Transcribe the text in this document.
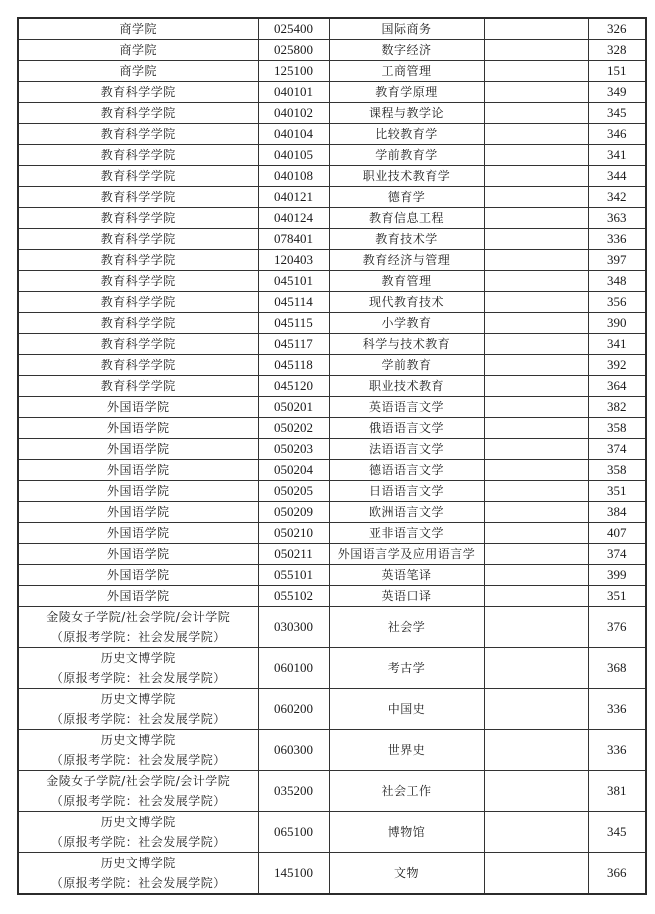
商学院	025400	国际商务		326
商学院	025800	数字经济		328
商学院	125100	工商管理		151
教育科学学院	040101	教育学原理		349
教育科学学院	040102	课程与教学论		345
教育科学学院	040104	比较教育学		346
教育科学学院	040105	学前教育学		341
教育科学学院	040108	职业技术教育学		344
教育科学学院	040121	德育学		342
教育科学学院	040124	教育信息工程		363
教育科学学院	078401	教育技术学		336
教育科学学院	120403	教育经济与管理		397
教育科学学院	045101	教育管理		348
教育科学学院	045114	现代教育技术		356
教育科学学院	045115	小学教育		390
教育科学学院	045117	科学与技术教育		341
教育科学学院	045118	学前教育		392
教育科学学院	045120	职业技术教育		364
外国语学院	050201	英语语言文学		382
外国语学院	050202	俄语语言文学		358
外国语学院	050203	法语语言文学		374
外国语学院	050204	德语语言文学		358
外国语学院	050205	日语语言文学		351
外国语学院	050209	欧洲语言文学		384
外国语学院	050210	亚非语言文学		407
外国语学院	050211	外国语言学及应用语言学		374
外国语学院	055101	英语笔译		399
外国语学院	055102	英语口译		351

金陵女子学院/社会学院/会计学院
（原报考学院：社会发展学院）	030300	社会学		376

历史文博学院
（原报考学院：社会发展学院）	060100	考古学		368

历史文博学院
（原报考学院：社会发展学院）	060200	中国史		336

历史文博学院
（原报考学院：社会发展学院）	060300	世界史		336

金陵女子学院/社会学院/会计学院
（原报考学院：社会发展学院）	035200	社会工作		381

历史文博学院
（原报考学院：社会发展学院）	065100	博物馆		345

历史文博学院
（原报考学院：社会发展学院）	145100	文物		366
